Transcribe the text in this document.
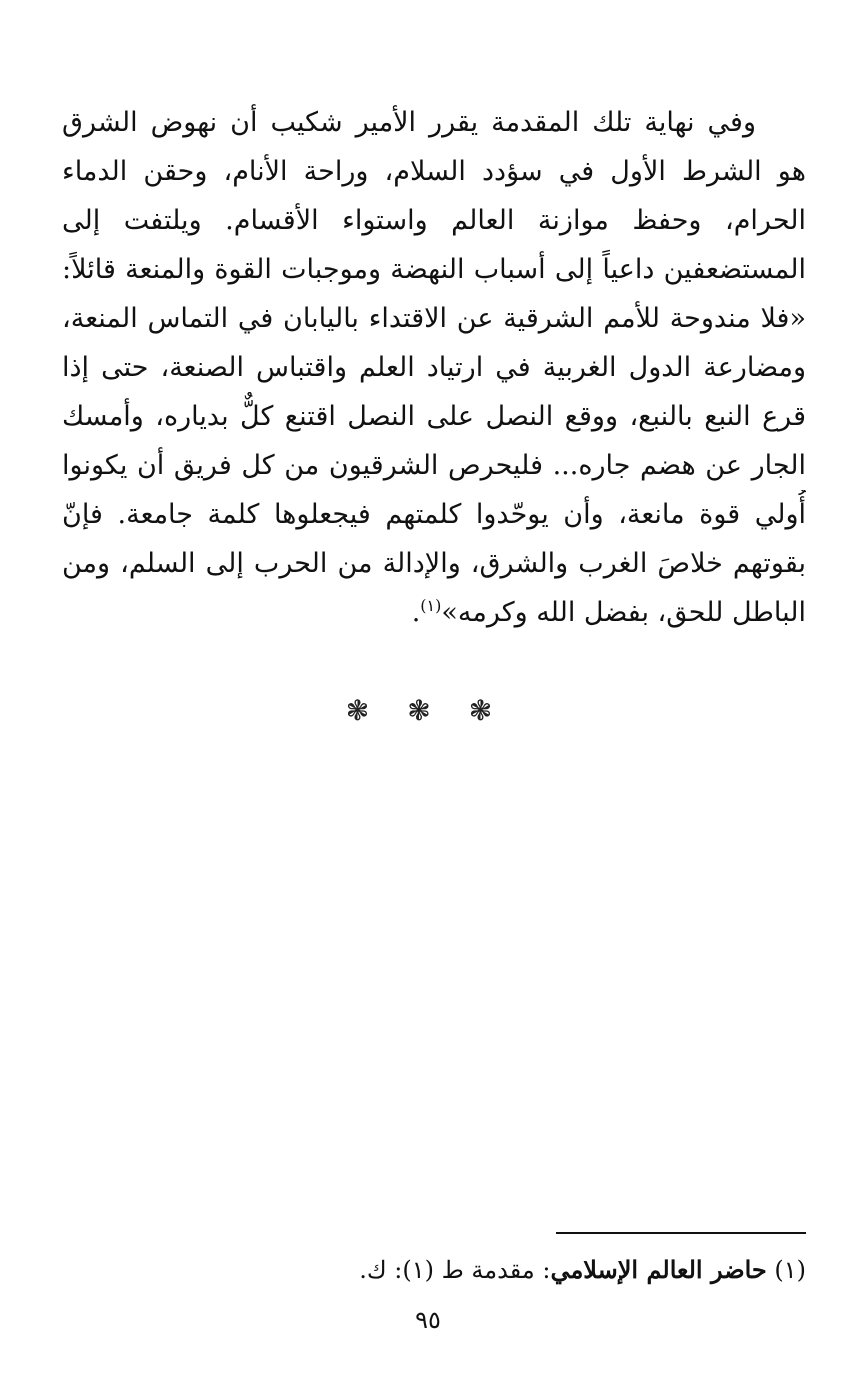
وفي نهاية تلك المقدمة يقرر الأمير شكيب أن نهوض الشرق
هو الشرط الأول في سؤدد السلام، وراحة الأنام، وحقن الدماء
الحرام، وحفظ موازنة العالم واستواء الأقسام. ويلتفت إلى
المستضعفين داعياً إلى أسباب النهضة وموجبات القوة والمنعة قائلاً:
«فلا مندوحة للأمم الشرقية عن الاقتداء باليابان في التماس المنعة،
ومضارعة الدول الغربية في ارتياد العلم واقتباس الصنعة، حتى إذا
قرع النبع بالنبع، ووقع النصل على النصل اقتنع كلٌّ بدياره، وأمسك
الجار عن هضم جاره... فليحرص الشرقيون من كل فريق أن يكونوا
أُولي قوة مانعة، وأن يوحّدوا كلمتهم فيجعلوها كلمة جامعة. فإنّ
بقوتهم خلاصَ الغرب والشرق، والإدالة من الحرب إلى السلم، ومن
الباطل للحق، بفضل الله وكرمه»$^{(١)}$.
❃ ❃ ❃
(١) حاضر العالم الإسلامي: مقدمة ط (١): ك.
٩٥
